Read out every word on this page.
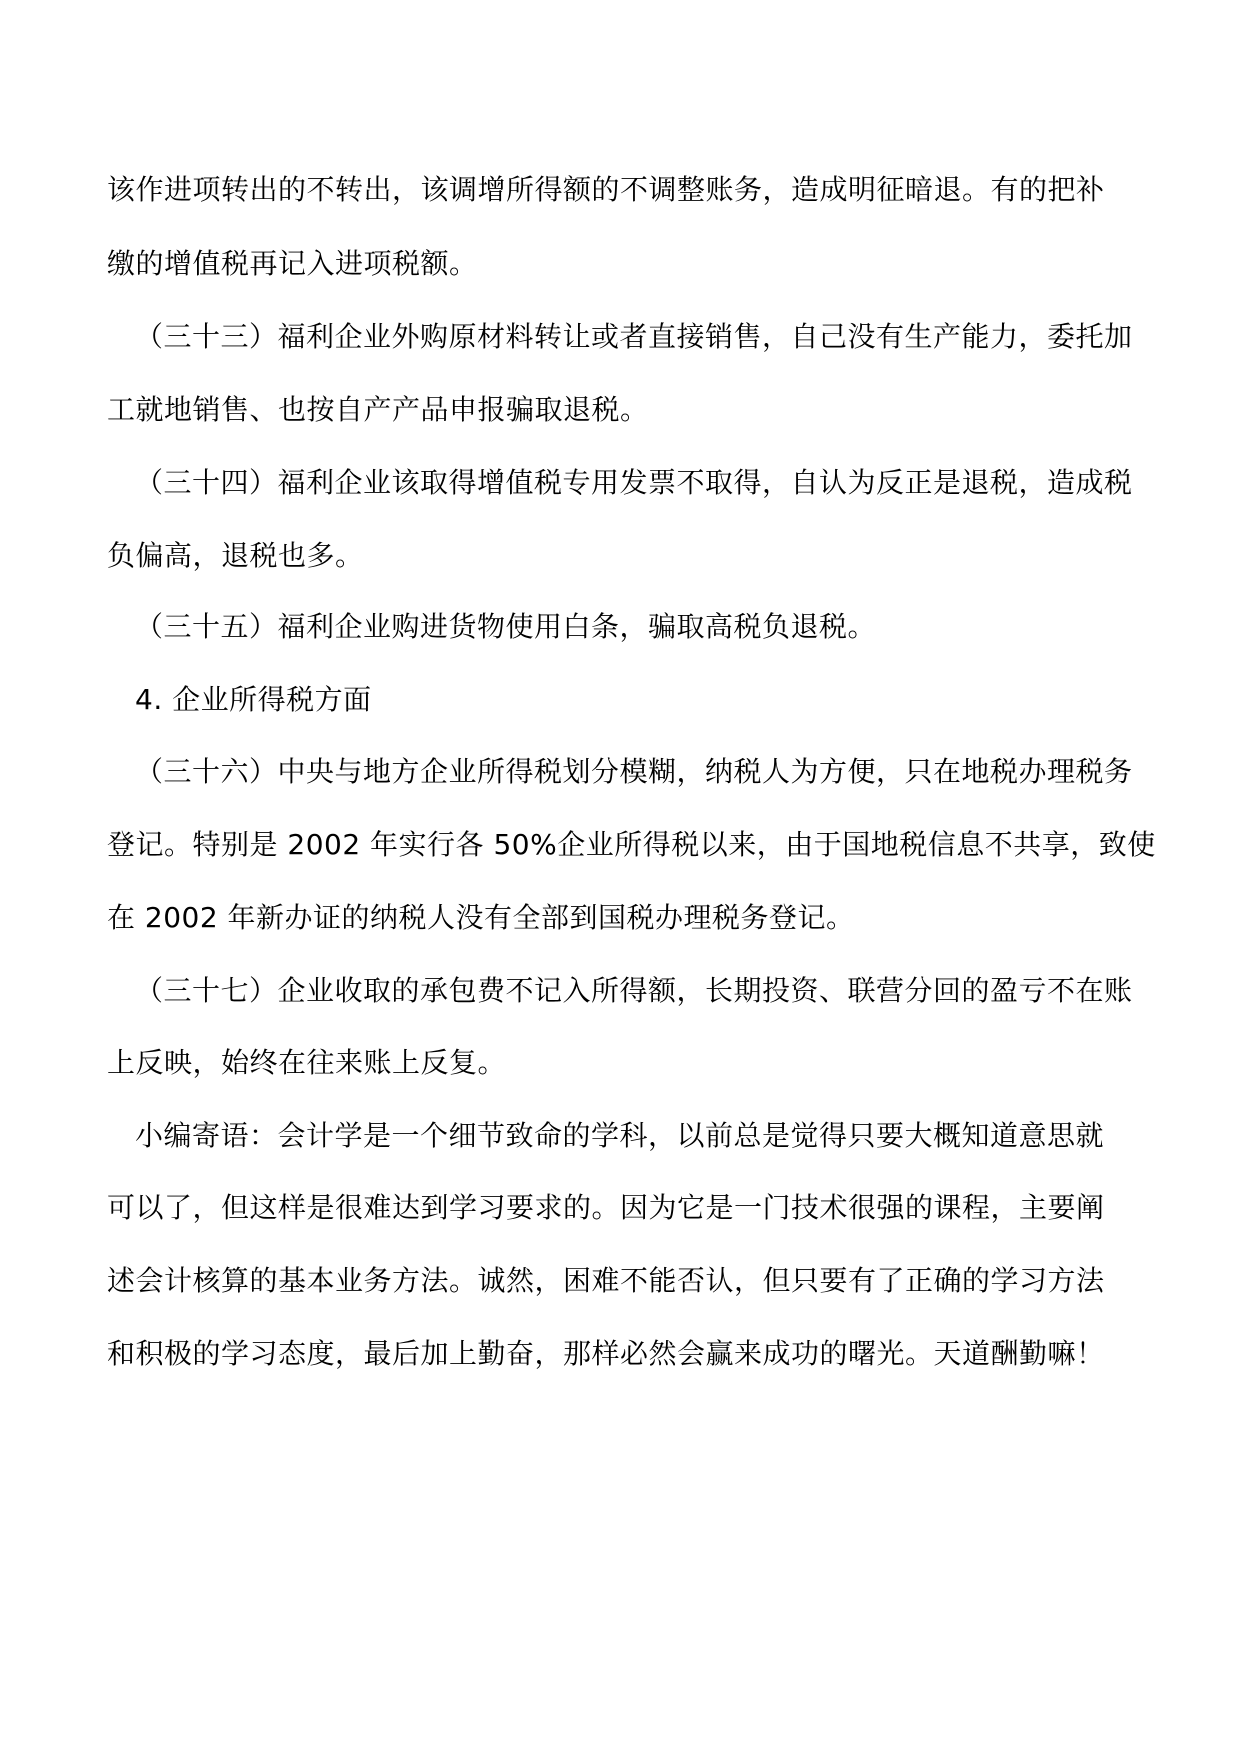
该作进项转出的不转出，该调增所得额的不调整账务，造成明征暗退。有的把补

缴的增值税再记入进项税额。

（三十三）福利企业外购原材料转让或者直接销售，自己没有生产能力，委托加

工就地销售、也按自产产品申报骗取退税。

（三十四）福利企业该取得增值税专用发票不取得，自认为反正是退税，造成税

负偏高，退税也多。

（三十五）福利企业购进货物使用白条，骗取高税负退税。

4. 企业所得税方面

（三十六）中央与地方企业所得税划分模糊，纳税人为方便，只在地税办理税务

登记。特别是 2002 年实行各 50%企业所得税以来，由于国地税信息不共享，致使

在 2002 年新办证的纳税人没有全部到国税办理税务登记。

（三十七）企业收取的承包费不记入所得额，长期投资、联营分回的盈亏不在账

上反映，始终在往来账上反复。

小编寄语：会计学是一个细节致命的学科，以前总是觉得只要大概知道意思就

可以了，但这样是很难达到学习要求的。因为它是一门技术很强的课程，主要阐

述会计核算的基本业务方法。诚然，困难不能否认，但只要有了正确的学习方法

和积极的学习态度，最后加上勤奋，那样必然会赢来成功的曙光。天道酬勤嘛！
